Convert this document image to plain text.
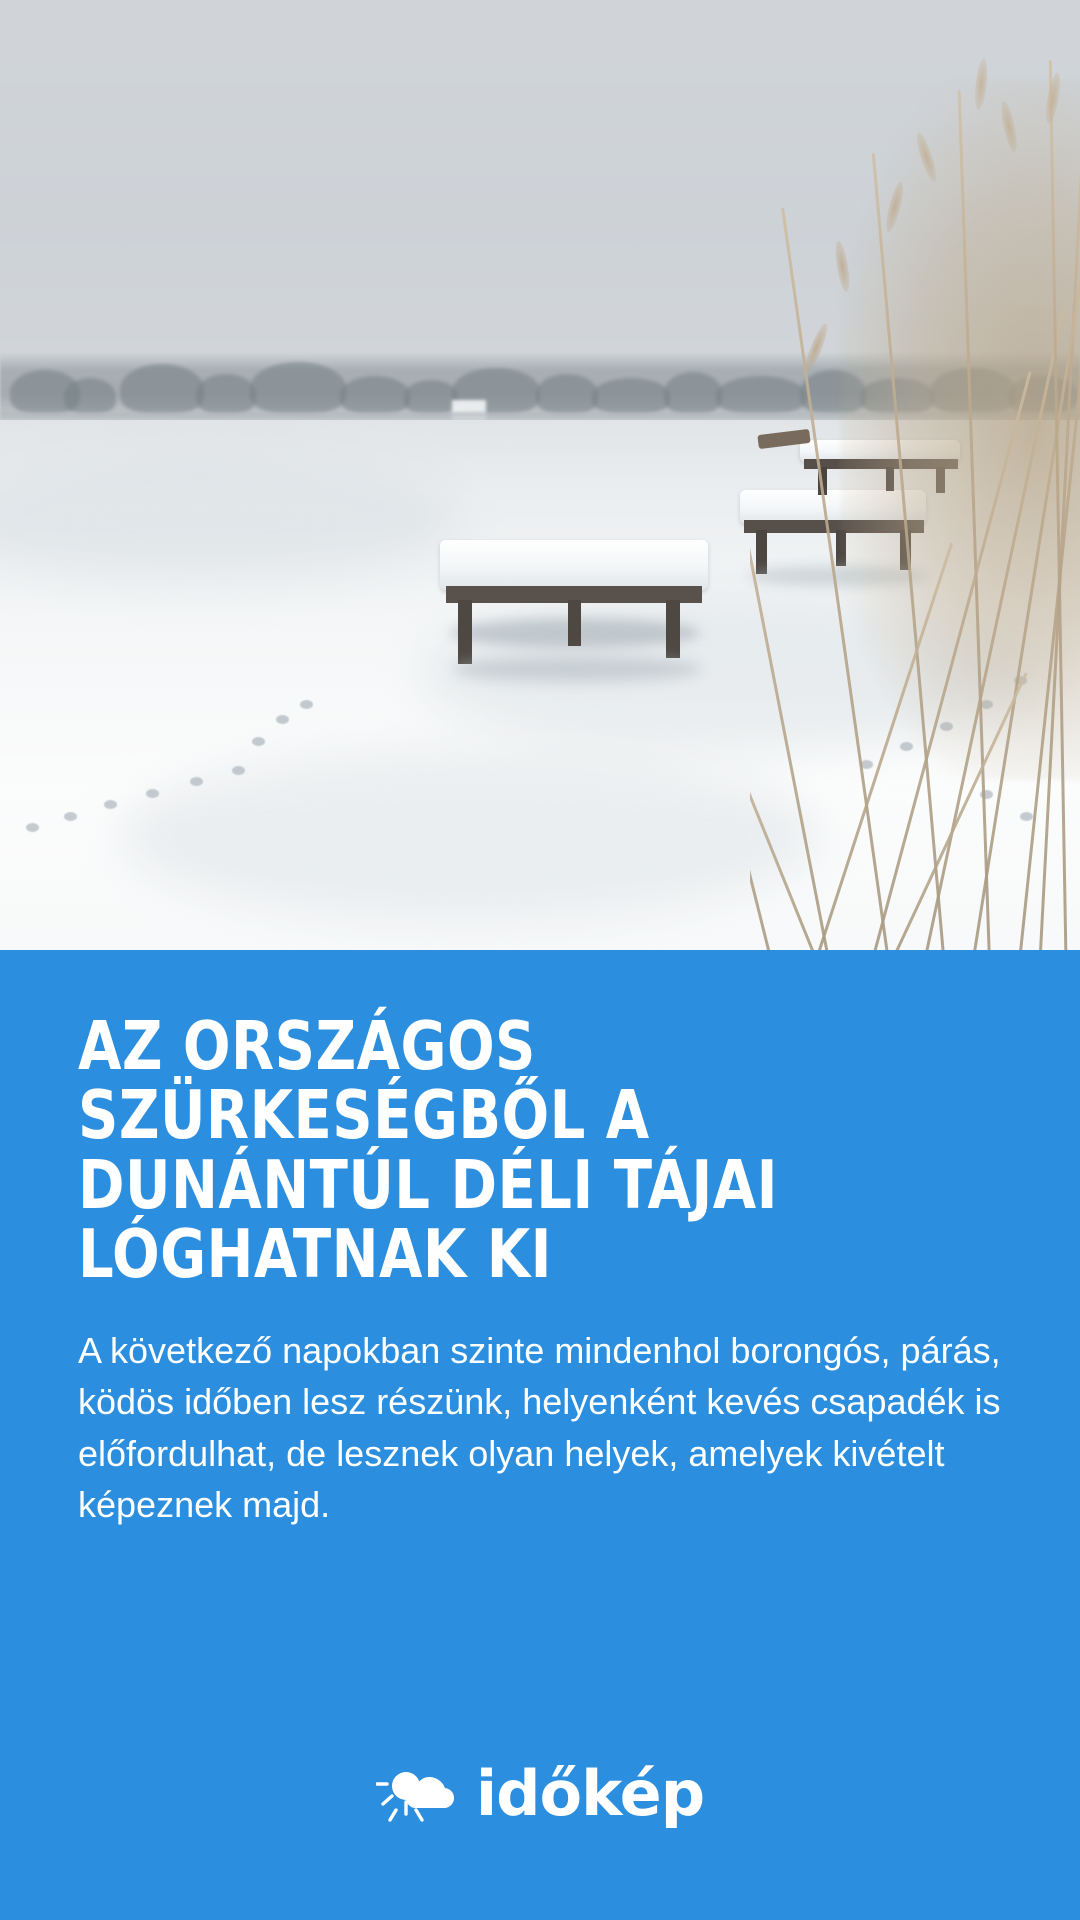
AZ ORSZÁGOS SZÜRKESÉGBŐL A DUNÁNTÚL DÉLI TÁJAI LÓGHATNAK KI

A következő napokban szinte mindenhol borongós, párás, ködös időben lesz részünk, helyenként kevés csapadék is előfordulhat, de lesznek olyan helyek, amelyek kivételt képeznek majd.

időkép
